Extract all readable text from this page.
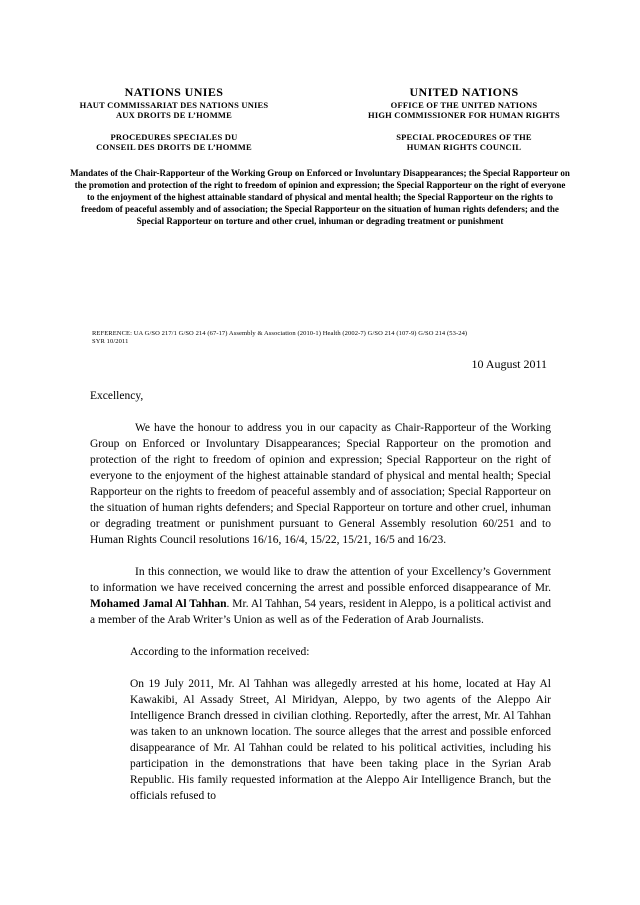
NATIONS UNIES
HAUT COMMISSARIAT DES NATIONS UNIES
AUX DROITS DE L’HOMME
PROCEDURES SPECIALES DU
CONSEIL DES DROITS DE L’HOMME
UNITED NATIONS
OFFICE OF THE UNITED NATIONS
HIGH COMMISSIONER FOR HUMAN RIGHTS
SPECIAL PROCEDURES OF THE
HUMAN RIGHTS COUNCIL
Mandates of the Chair-Rapporteur of the Working Group on Enforced or Involuntary Disappearances; the Special Rapporteur on the promotion and protection of the right to freedom of opinion and expression; the Special Rapporteur on the right of everyone to the enjoyment of the highest attainable standard of physical and mental health; the Special Rapporteur on the rights to freedom of peaceful assembly and of association; the Special Rapporteur on the situation of human rights defenders; and the Special Rapporteur on torture and other cruel, inhuman or degrading treatment or punishment
REFERENCE: UA G/SO 217/1 G/SO 214 (67-17) Assembly & Association (2010-1) Health (2002-7) G/SO 214 (107-9) G/SO 214 (53-24)
SYR 10/2011
10 August 2011
Excellency,

We have the honour to address you in our capacity as Chair-Rapporteur of the Working Group on Enforced or Involuntary Disappearances; Special Rapporteur on the promotion and protection of the right to freedom of opinion and expression; Special Rapporteur on the right of everyone to the enjoyment of the highest attainable standard of physical and mental health; Special Rapporteur on the rights to freedom of peaceful assembly and of association; Special Rapporteur on the situation of human rights defenders; and Special Rapporteur on torture and other cruel, inhuman or degrading treatment or punishment pursuant to General Assembly resolution 60/251 and to Human Rights Council resolutions 16/16, 16/4, 15/22, 15/21, 16/5 and 16/23.

In this connection, we would like to draw the attention of your Excellency’s Government to information we have received concerning the arrest and possible enforced disappearance of Mr. Mohamed Jamal Al Tahhan. Mr. Al Tahhan, 54 years, resident in Aleppo, is a political activist and a member of the Arab Writer’s Union as well as of the Federation of Arab Journalists.

According to the information received:

On 19 July 2011, Mr. Al Tahhan was allegedly arrested at his home, located at Hay Al Kawakibi, Al Assady Street, Al Miridyan, Aleppo, by two agents of the Aleppo Air Intelligence Branch dressed in civilian clothing. Reportedly, after the arrest, Mr. Al Tahhan was taken to an unknown location. The source alleges that the arrest and possible enforced disappearance of Mr. Al Tahhan could be related to his political activities, including his participation in the demonstrations that have been taking place in the Syrian Arab Republic. His family requested information at the Aleppo Air Intelligence Branch, but the officials refused to
